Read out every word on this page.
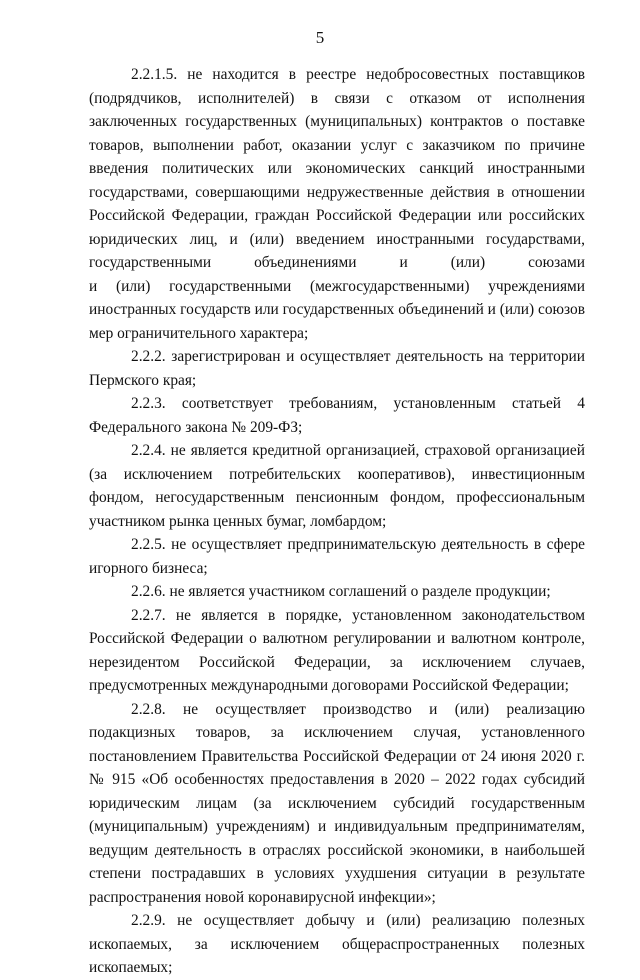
5
2.2.1.5. не находится в реестре недобросовестных поставщиков
(подрядчиков, исполнителей) в связи с отказом от исполнения
заключенных государственных (муниципальных) контрактов о поставке
товаров, выполнении работ, оказании услуг с заказчиком по причине
введения политических или экономических санкций иностранными
государствами, совершающими недружественные действия в отношении
Российской Федерации, граждан Российской Федерации или российских
юридических лиц, и (или) введением иностранными государствами,
государственными объединениями и (или) союзами
и (или) государственными (межгосударственными) учреждениями
иностранных государств или государственных объединений и (или) союзов
мер ограничительного характера;
2.2.2. зарегистрирован и осуществляет деятельность на территории
Пермского края;
2.2.3. соответствует требованиям, установленным статьей 4
Федерального закона № 209-ФЗ;
2.2.4. не является кредитной организацией, страховой организацией
(за исключением потребительских кооперативов), инвестиционным
фондом, негосударственным пенсионным фондом, профессиональным
участником рынка ценных бумаг, ломбардом;
2.2.5. не осуществляет предпринимательскую деятельность в сфере
игорного бизнеса;
2.2.6. не является участником соглашений о разделе продукции;
2.2.7. не является в порядке, установленном законодательством
Российской Федерации о валютном регулировании и валютном контроле,
нерезидентом Российской Федерации, за исключением случаев,
предусмотренных международными договорами Российской Федерации;
2.2.8. не осуществляет производство и (или) реализацию
подакцизных товаров, за исключением случая, установленного
постановлением Правительства Российской Федерации от 24 июня 2020 г.
№ 915 «Об особенностях предоставления в 2020 – 2022 годах субсидий
юридическим лицам (за исключением субсидий государственным
(муниципальным) учреждениям) и индивидуальным предпринимателям,
ведущим деятельность в отраслях российской экономики, в наибольшей
степени пострадавших в условиях ухудшения ситуации в результате
распространения новой коронавирусной инфекции»;
2.2.9. не осуществляет добычу и (или) реализацию полезных
ископаемых, за исключением общераспространенных полезных
ископаемых;
